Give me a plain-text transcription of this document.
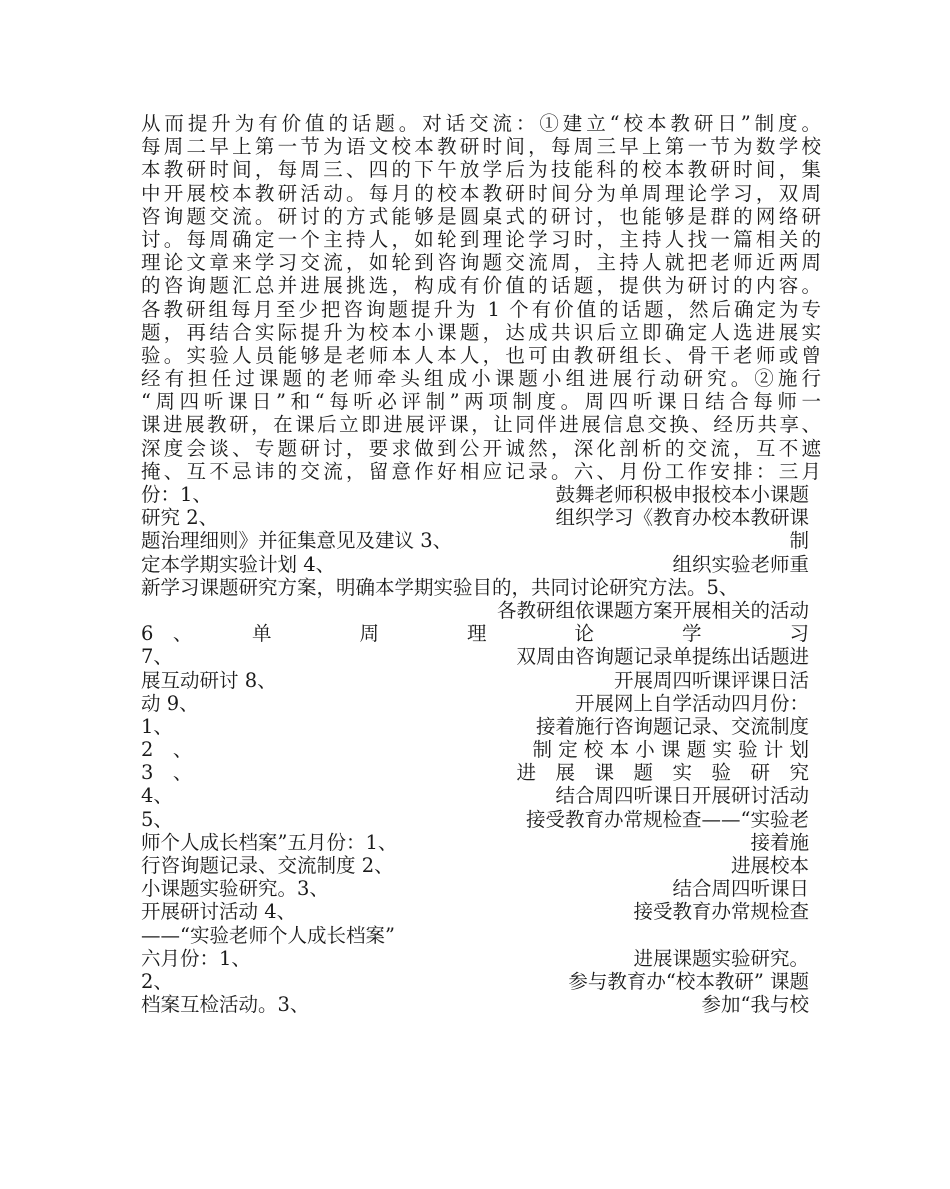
从而提升为有价值的话题。对话交流：①建立“校本教研日”制度。
每周二早上第一节为语文校本教研时间，每周三早上第一节为数学校
本教研时间，每周三、四的下午放学后为技能科的校本教研时间，集
中开展校本教研活动。每月的校本教研时间分为单周理论学习，双周
咨询题交流。研讨的方式能够是圆桌式的研讨，也能够是群的网络研
讨。每周确定一个主持人，如轮到理论学习时，主持人找一篇相关的
理论文章来学习交流，如轮到咨询题交流周，主持人就把老师近两周
的咨询题汇总并进展挑选，构成有价值的话题，提供为研讨的内容。
各教研组每月至少把咨询题提升为 1 个有价值的话题，然后确定为专
题，再结合实际提升为校本小课题，达成共识后立即确定人选进展实
验。实验人员能够是老师本人本人，也可由教研组长、骨干老师或曾
经有担任过课题的老师牵头组成小课题小组进展行动研究。②施行
“周四听课日”和“每听必评制”两项制度。周四听课日结合每师一
课进展教研，在课后立即进展评课，让同伴进展信息交换、经历共享、
深度会谈、专题研讨，要求做到公开诚然，深化剖析的交流，互不遮
掩、互不忌讳的交流，留意作好相应记录。六、月份工作安排：三月
份：1、	鼓舞老师积极申报校本小课题
研究 2、	组织学习《教育办校本教研课
题治理细则》并征集意见及建议 3、	制
定本学期实验计划 4、	组织实验老师重
新学习课题研究方案，明确本学期实验目的，共同讨论研究方法。5、
各教研组依课题方案开展相关的活动
6　、	单　周　理　论　学　习
7、	双周由咨询题记录单提练出话题进
展互动研讨 8、	开展周四听课评课日活
动 9、	开展网上自学活动四月份：
1、	接着施行咨询题记录、交流制度
2　、	制 定 校 本 小 课 题 实 验 计 划
3　、	进　展　课　题　实　验　研　究
4、	结合周四听课日开展研讨活动
5、	接受教育办常规检查——“实验老
师个人成长档案”五月份：1、	接着施
行咨询题记录、交流制度 2、	进展校本
小课题实验研究。3、	结合周四听课日
开展研讨活动 4、	接受教育办常规检查
——“实验老师个人成长档案”
六月份：1、	进展课题实验研究。
2、	参与教育办“校本教研” 课题
档案互检活动。3、	参加“我与校
